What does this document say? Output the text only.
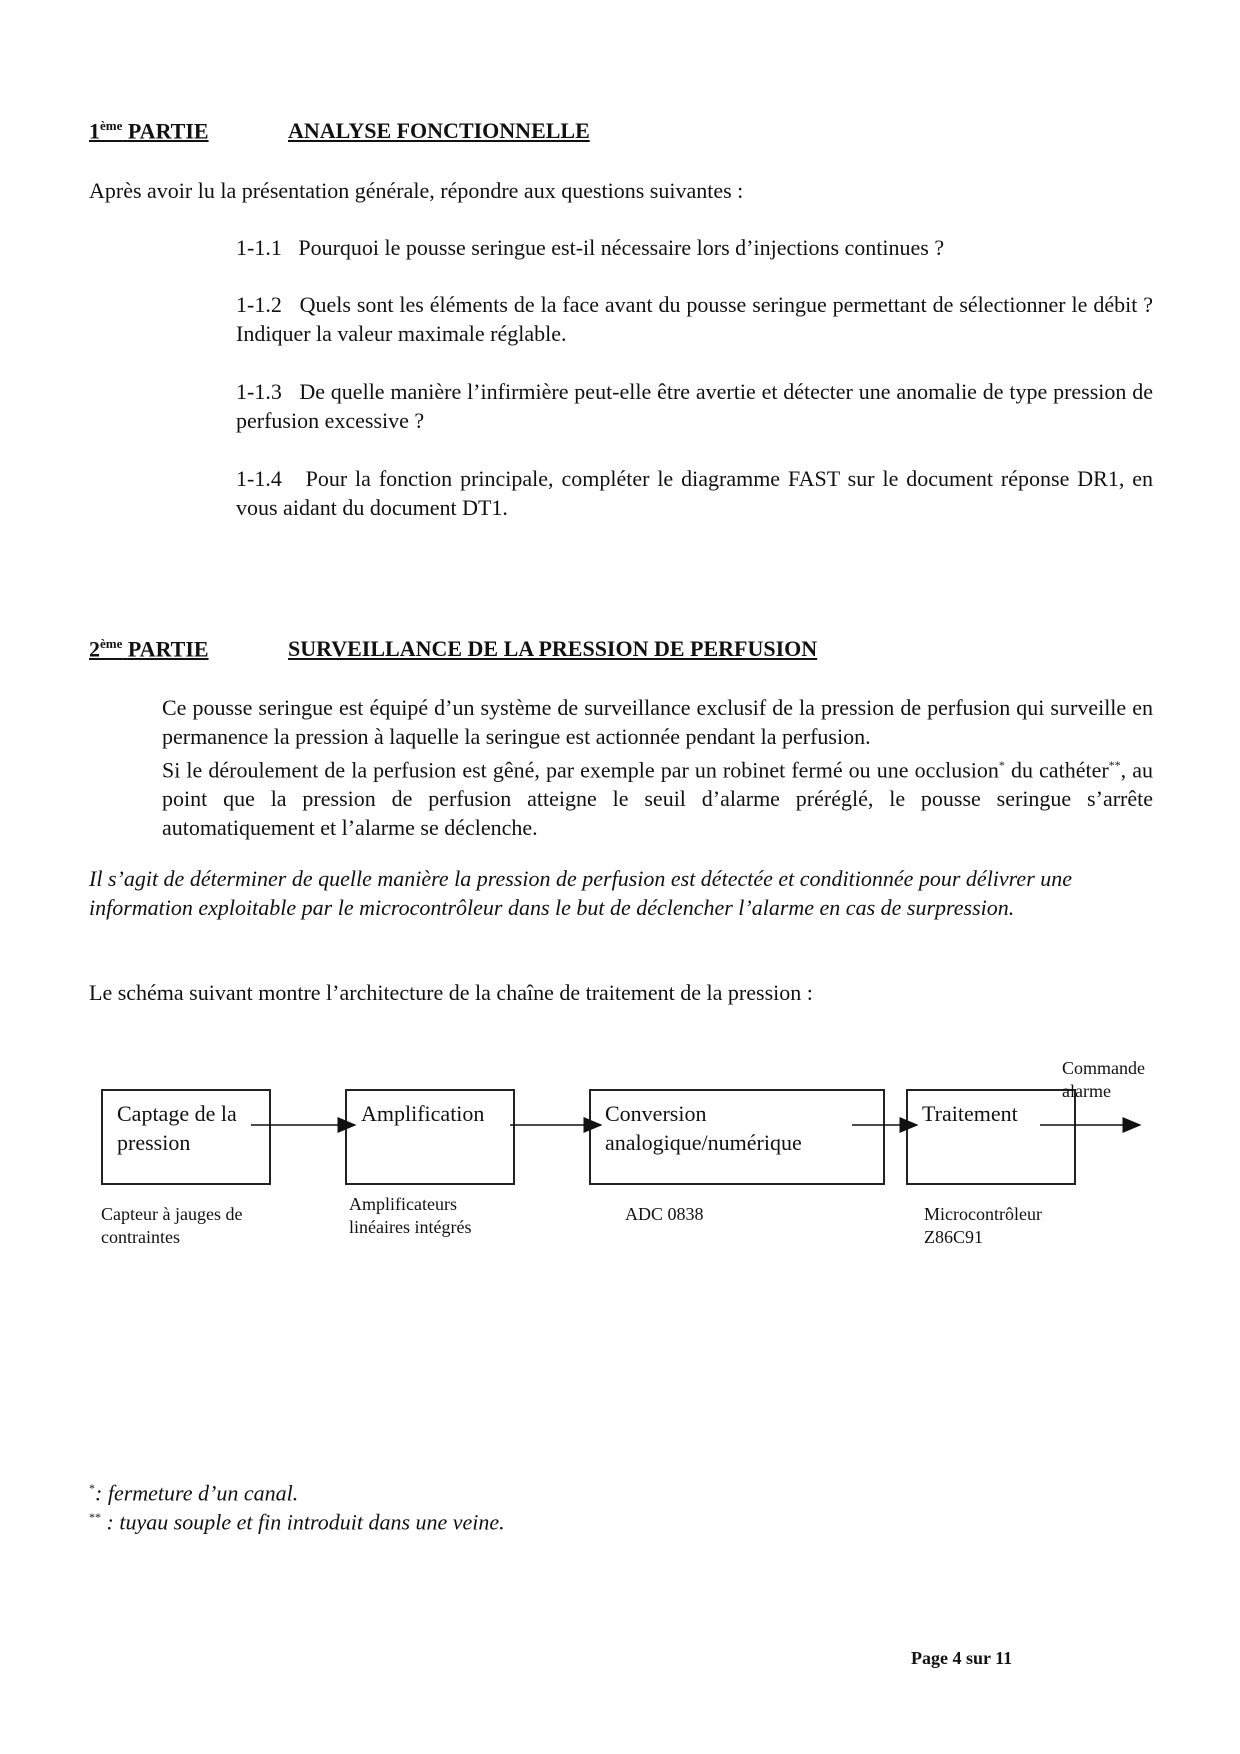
1ème PARTIE	ANALYSE FONCTIONNELLE
Après avoir lu la présentation générale, répondre aux questions suivantes :
1-1.1 Pourquoi le pousse seringue est-il nécessaire lors d’injections continues ?
1-1.2 Quels sont les éléments de la face avant du pousse seringue permettant de sélectionner le débit ? Indiquer la valeur maximale réglable.
1-1.3 De quelle manière l’infirmière peut-elle être avertie et détecter une anomalie de type pression de perfusion excessive ?
1-1.4 Pour la fonction principale, compléter le diagramme FAST sur le document réponse DR1, en vous aidant du document DT1.
2ème PARTIE	SURVEILLANCE DE LA PRESSION DE PERFUSION
Ce pousse seringue est équipé d’un système de surveillance exclusif de la pression de perfusion qui surveille en permanence la pression à laquelle la seringue est actionnée pendant la perfusion.
Si le déroulement de la perfusion est gêné, par exemple par un robinet fermé ou une occlusion* du cathéter**, au point que la pression de perfusion atteigne le seuil d’alarme préréglé, le pousse seringue s’arrête automatiquement et l’alarme se déclenche.
Il s’agit de déterminer de quelle manière la pression de perfusion est détectée et conditionnée pour délivrer une information exploitable par le microcontrôleur dans le but de déclencher l’alarme en cas de surpression.
Le schéma suivant montre l’architecture de la chaîne de traitement de la pression :
Captage de la
pression
Amplification	Conversion
analogique/numérique
Traitement
Commande
alarme
Capteur à jauges de
contraintes
Amplificateurs
linéaires intégrés
ADC 0838	Microcontrôleur
Z86C91
*: fermeture d’un canal.
** : tuyau souple et fin introduit dans une veine.
Page 4 sur 11
